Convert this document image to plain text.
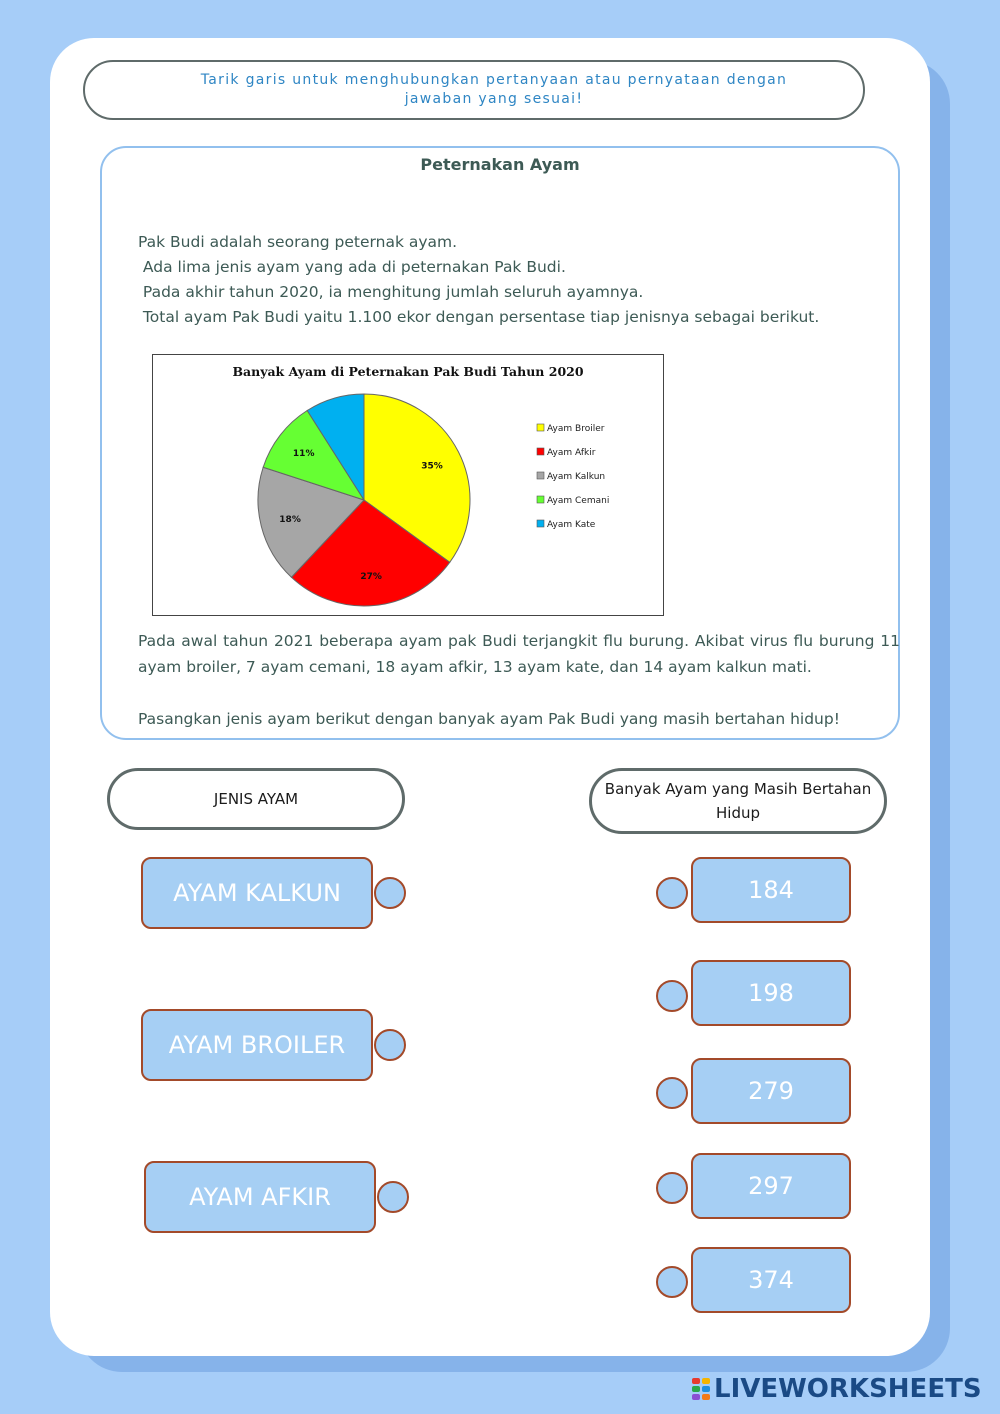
Tarik garis untuk menghubungkan pertanyaan atau pernyataan dengan jawaban yang sesuai!
Peternakan Ayam
Pak Budi adalah seorang peternak ayam.
Ada lima jenis ayam yang ada di peternakan Pak Budi.
Pada akhir tahun 2020, ia menghitung jumlah seluruh ayamnya.
Total ayam Pak Budi yaitu 1.100 ekor dengan persentase tiap jenisnya sebagai berikut.
Banyak Ayam di Peternakan Pak Budi Tahun 2020
35%
27%
18%
11%
Ayam Broiler
Ayam Afkir
Ayam Kalkun
Ayam Cemani
Ayam Kate
Pada awal tahun 2021 beberapa ayam pak Budi terjangkit flu burung. Akibat virus flu burung 11 ayam broiler, 7 ayam cemani, 18 ayam afkir, 13 ayam kate, dan 14 ayam kalkun mati.
Pasangkan jenis ayam berikut dengan banyak ayam Pak Budi yang masih bertahan hidup!
JENIS AYAM
Banyak Ayam yang Masih Bertahan Hidup
AYAM KALKUN
AYAM BROILER
AYAM AFKIR
184
198
279
297
374
LIVEWORKSHEETS
